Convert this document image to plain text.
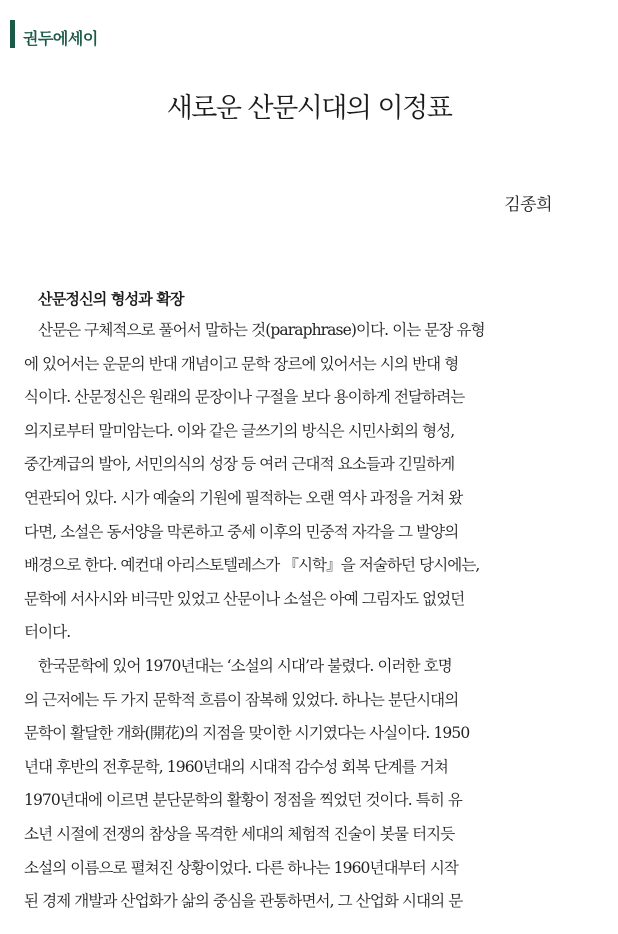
권두에세이
새로운 산문시대의 이정표
김종희
산문정신의 형성과 확장
산문은 구체적으로 풀어서 말하는 것(paraphrase)이다. 이는 문장 유형
에 있어서는 운문의 반대 개념이고 문학 장르에 있어서는 시의 반대 형
식이다. 산문정신은 원래의 문장이나 구절을 보다 용이하게 전달하려는
의지로부터 말미암는다. 이와 같은 글쓰기의 방식은 시민사회의 형성,
중간계급의 발아, 서민의식의 성장 등 여러 근대적 요소들과 긴밀하게
연관되어 있다. 시가 예술의 기원에 필적하는 오랜 역사 과정을 거쳐 왔
다면, 소설은 동서양을 막론하고 중세 이후의 민중적 자각을 그 발양의
배경으로 한다. 예컨대 아리스토텔레스가 『시학』을 저술하던 당시에는,
문학에 서사시와 비극만 있었고 산문이나 소설은 아예 그림자도 없었던
터이다.
한국문학에 있어 1970년대는 ‘소설의 시대’라 불렸다. 이러한 호명
의 근저에는 두 가지 문학적 흐름이 잠복해 있었다. 하나는 분단시대의
문학이 활달한 개화(開花)의 지점을 맞이한 시기였다는 사실이다. 1950
년대 후반의 전후문학, 1960년대의 시대적 감수성 회복 단계를 거쳐
1970년대에 이르면 분단문학의 활황이 정점을 찍었던 것이다. 특히 유
소년 시절에 전쟁의 참상을 목격한 세대의 체험적 진술이 봇물 터지듯
소설의 이름으로 펼쳐진 상황이었다. 다른 하나는 1960년대부터 시작
된 경제 개발과 산업화가 삶의 중심을 관통하면서, 그 산업화 시대의 문
